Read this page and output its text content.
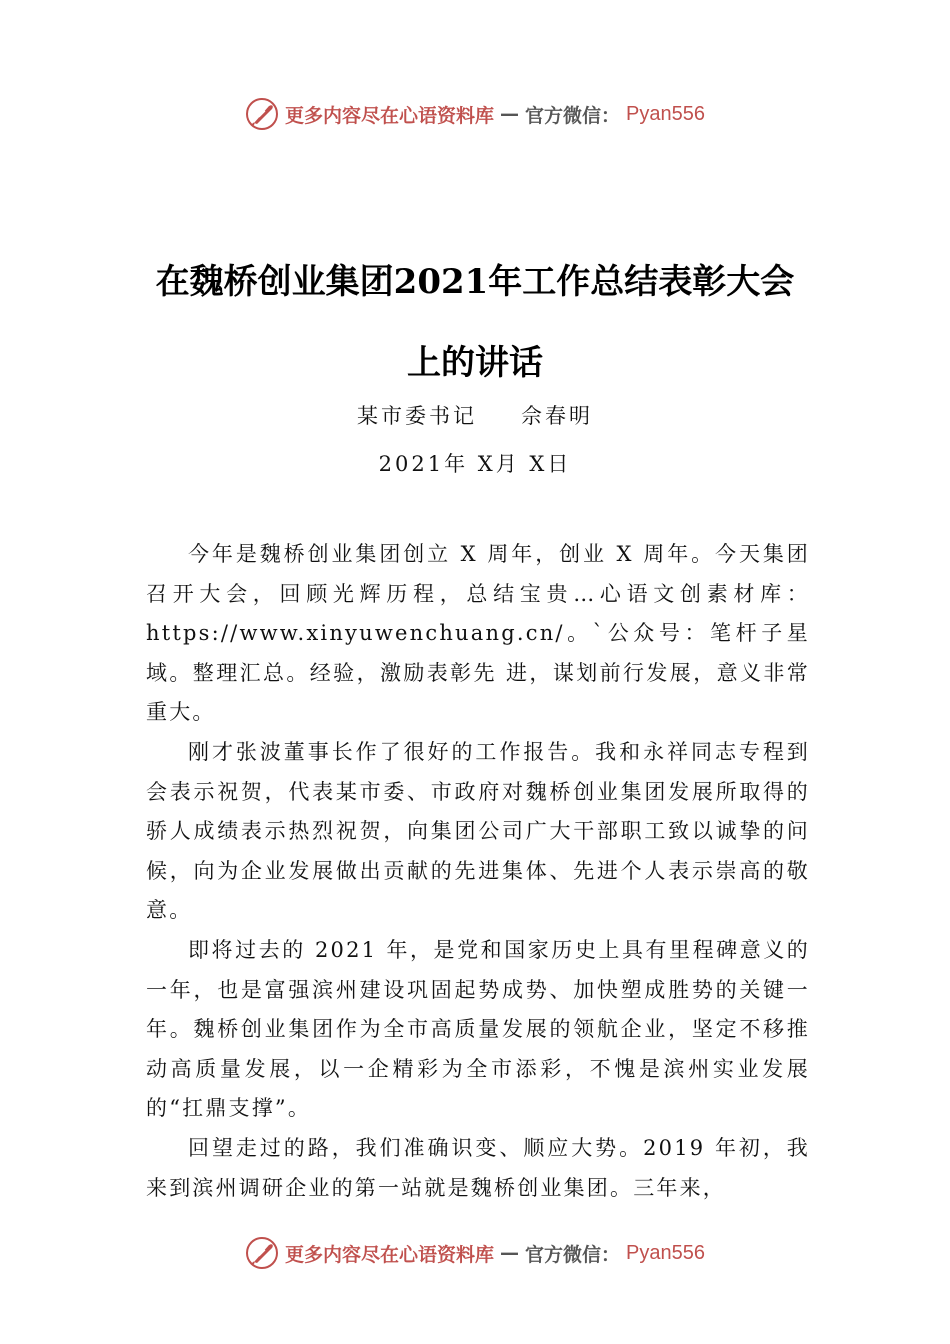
更多内容尽在心语资料库 — 官方微信： Pyan556
在魏桥创业集团2021年工作总结表彰大会
上的讲话
某市委书记 佘春明
2021年 X月 X日

今年是魏桥创业集团创立 X 周年，创业 X 周年。今天集团召开大会，回顾光辉历程，总结宝贵…心语文创素材库：https://www.xinyuwenchuang.cn/。`公众号：笔杆子星域。整理汇总。经验，激励表彰先 进，谋划前行发展，意义非常重大。

刚才张波董事长作了很好的工作报告。我和永祥同志专程到会表示祝贺，代表某市委、市政府对魏桥创业集团发展所取得的骄人成绩表示热烈祝贺，向集团公司广大干部职工致以诚挚的问候，向为企业发展做出贡献的先进集体、先进个人表示崇高的敬意。

即将过去的 2021 年，是党和国家历史上具有里程碑意义的一年，也是富强滨州建设巩固起势成势、加快塑成胜势的关键一年。魏桥创业集团作为全市高质量发展的领航企业，坚定不移推动高质量发展，以一企精彩为全市添彩，不愧是滨州实业发展的“扛鼎支撑”。

回望走过的路，我们准确识变、顺应大势。2019 年初，我来到滨州调研企业的第一站就是魏桥创业集团。三年来，

更多内容尽在心语资料库 — 官方微信： Pyan556
